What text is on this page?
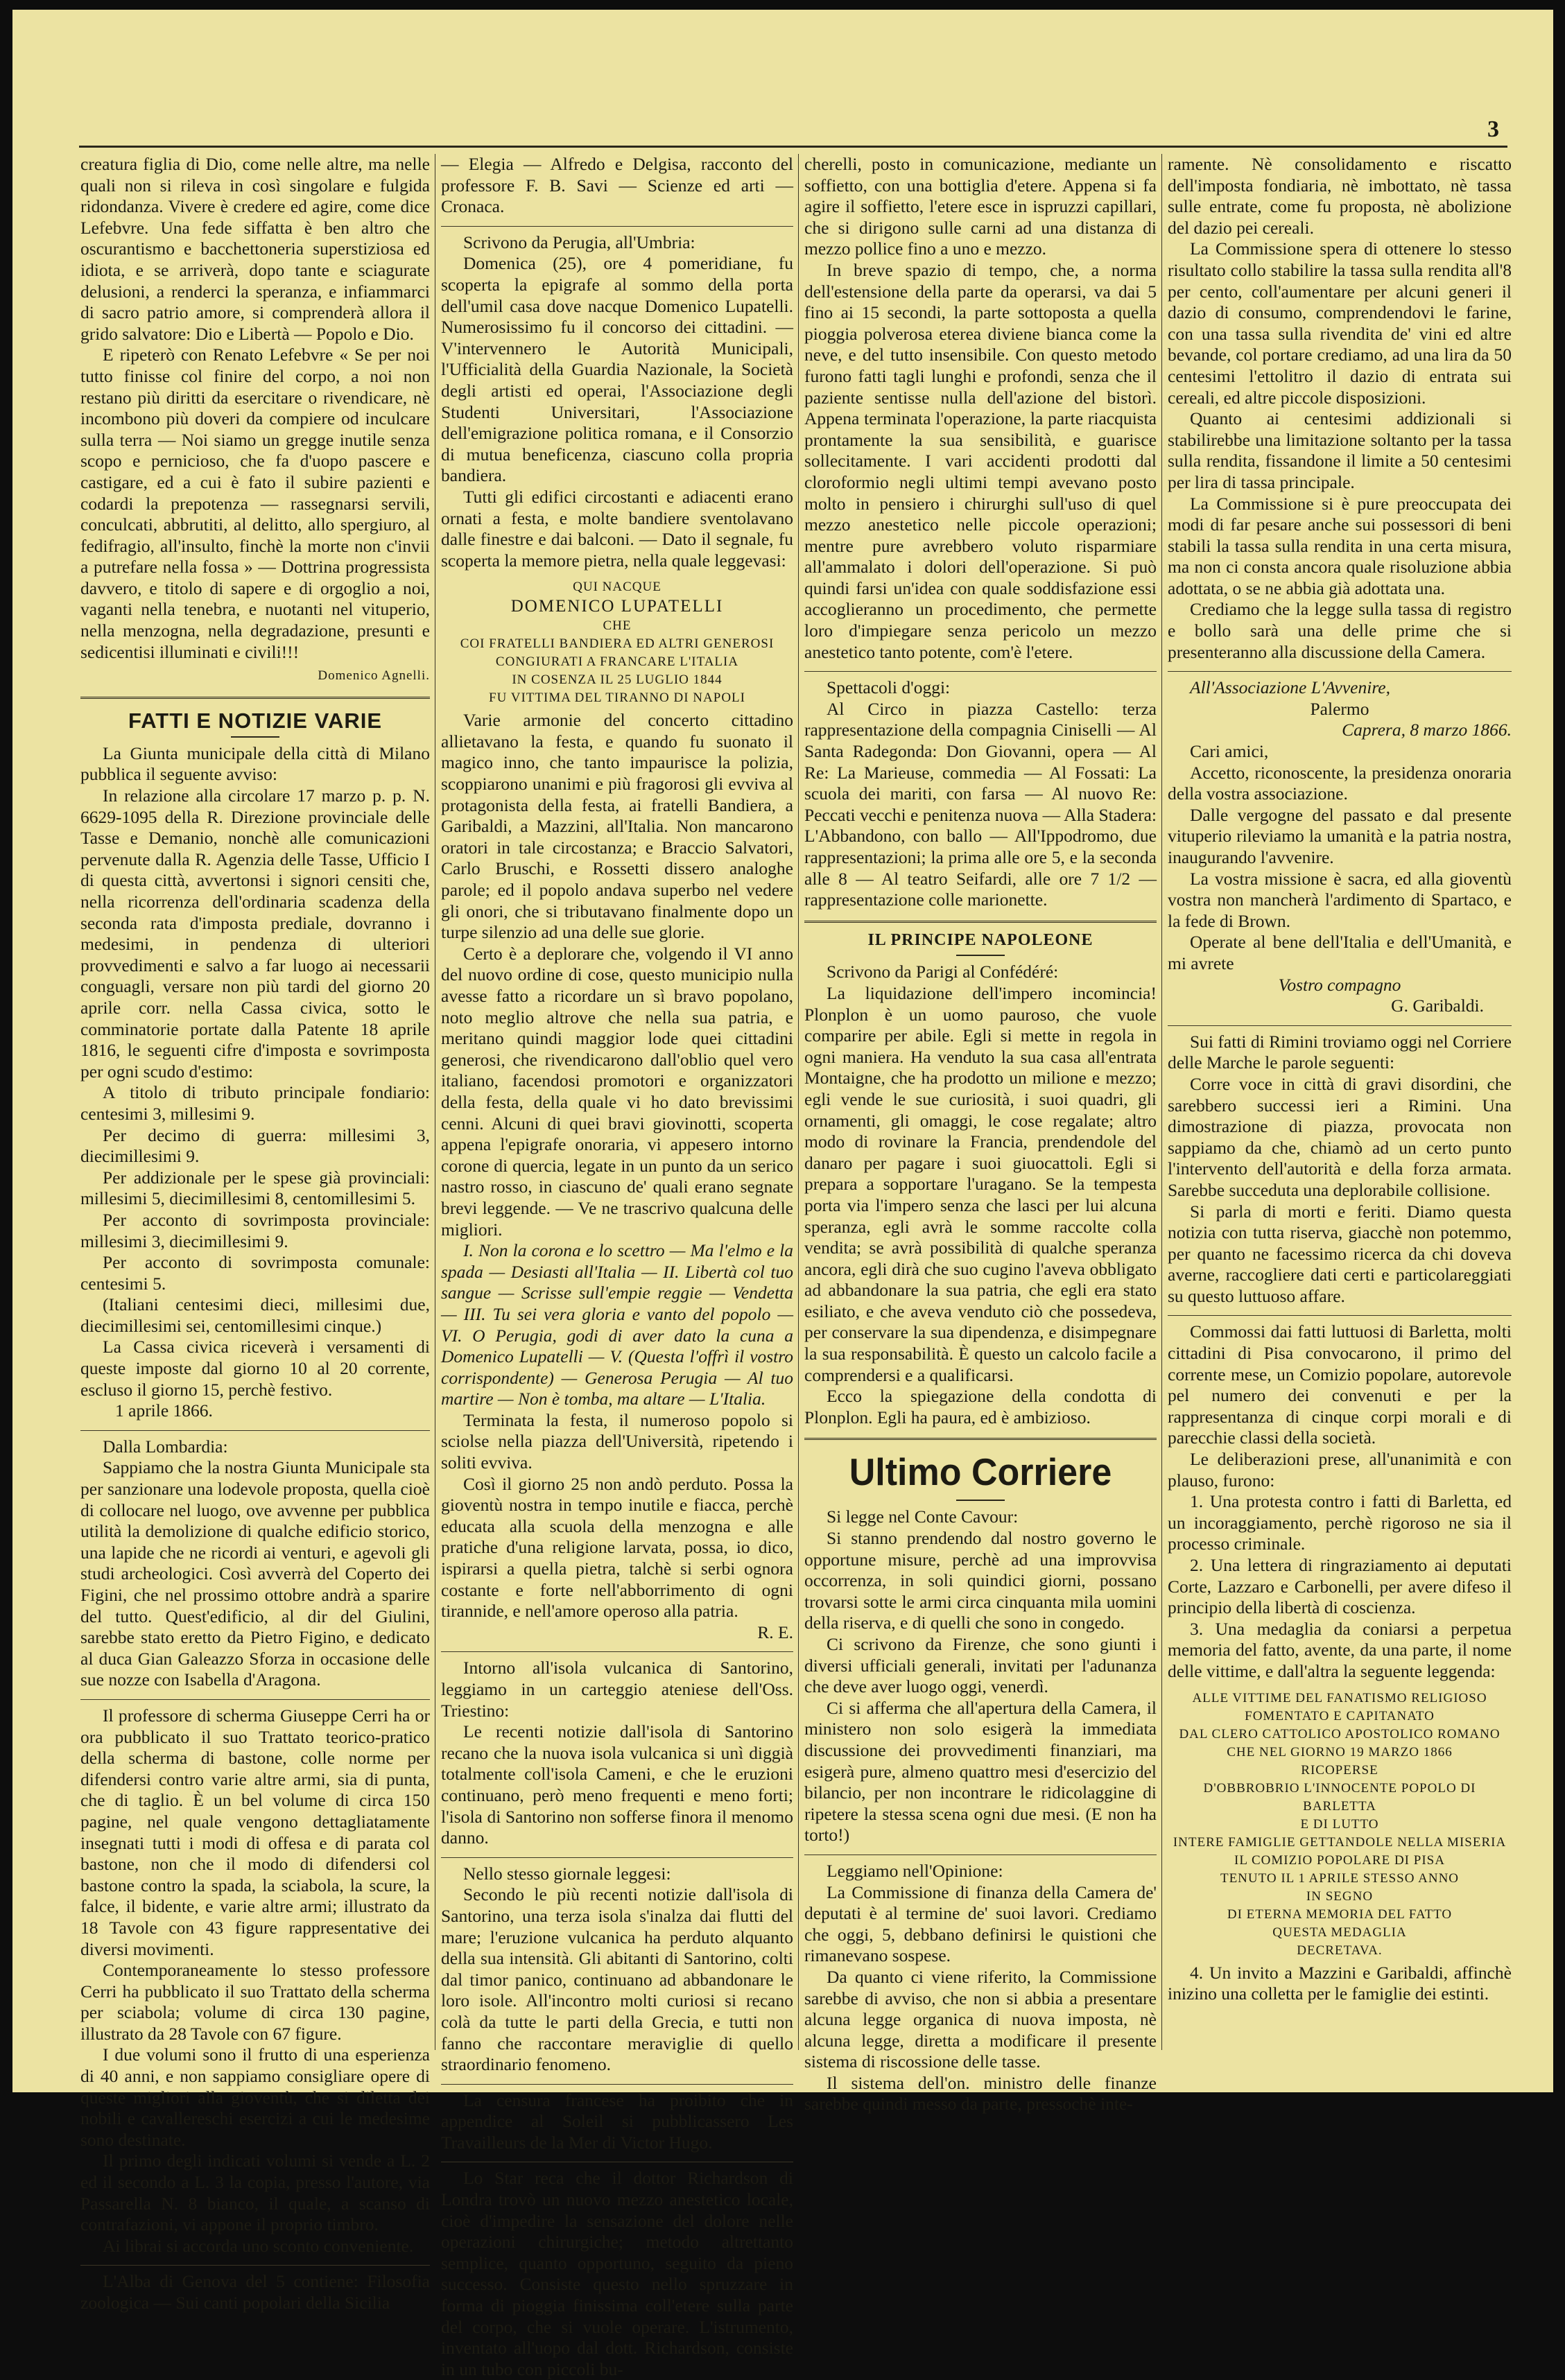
3

creatura figlia di Dio, come nelle altre, ma nelle quali non si rileva in così singolare e fulgida ridondanza. Vivere è credere ed agire, come dice Lefebvre. Una fede siffatta è ben altro che oscurantismo e bacchettoneria superstiziosa ed idiota, e se arriverà, dopo tante e sciagurate delusioni, a renderci la speranza, e infiammarci di sacro patrio amore, si comprenderà allora il grido salvatore: Dio e Libertà — Popolo e Dio.

E ripeterò con Renato Lefebvre « Se per noi tutto finisse col finire del corpo, a noi non restano più diritti da esercitare o rivendicare, nè incombono più doveri da compiere od inculcare sulla terra — Noi siamo un gregge inutile senza scopo e pernicioso, che fa d'uopo pascere e castigare, ed a cui è fato il subire pazienti e codardi la prepotenza — rassegnarsi servili, conculcati, abbrutiti, al delitto, allo spergiuro, al fedifragio, all'insulto, finchè la morte non c'invii a putrefare nella fossa » — Dottrina progressista davvero, e titolo di sapere e di orgoglio a noi, vaganti nella tenebra, e nuotanti nel vituperio, nella menzogna, nella degradazione, presunti e sedicentisi illuminati e civili!!!

Domenico Agnelli.
FATTI E NOTIZIE VARIE

La Giunta municipale della città di Milano pubblica il seguente avviso:

In relazione alla circolare 17 marzo p. p. N. 6629-1095 della R. Direzione provinciale delle Tasse e Demanio, nonchè alle comunicazioni pervenute dalla R. Agenzia delle Tasse, Ufficio I di questa città, avvertonsi i signori censiti che, nella ricorrenza dell'ordinaria scadenza della seconda rata d'imposta prediale, dovranno i medesimi, in pendenza di ulteriori provvedimenti e salvo a far luogo ai necessarii conguagli, versare non più tardi del giorno 20 aprile corr. nella Cassa civica, sotto le comminatorie portate dalla Patente 18 aprile 1816, le seguenti cifre d'imposta e sovrimposta per ogni scudo d'estimo:

A titolo di tributo principale fondiario: centesimi 3, millesimi 9.

Per decimo di guerra: millesimi 3, diecimillesimi 9.

Per addizionale per le spese già provinciali: millesimi 5, diecimillesimi 8, centomillesimi 5.

Per acconto di sovrimposta provinciale: millesimi 3, diecimillesimi 9.

Per acconto di sovrimposta comunale: centesimi 5.

(Italiani centesimi dieci, millesimi due, diecimillesimi sei, centomillesimi cinque.)

La Cassa civica riceverà i versamenti di queste imposte dal giorno 10 al 20 corrente, escluso il giorno 15, perchè festivo.

1 aprile 1866.

Dalla Lombardia:

Sappiamo che la nostra Giunta Municipale sta per sanzionare una lodevole proposta, quella cioè di collocare nel luogo, ove avvenne per pubblica utilità la demolizione di qualche edificio storico, una lapide che ne ricordi ai venturi, e agevoli gli studi archeologici. Così avverrà del Coperto dei Figini, che nel prossimo ottobre andrà a sparire del tutto. Quest'edificio, al dir del Giulini, sarebbe stato eretto da Pietro Figino, e dedicato al duca Gian Galeazzo Sforza in occasione delle sue nozze con Isabella d'Aragona.

Il professore di scherma Giuseppe Cerri ha or ora pubblicato il suo Trattato teorico-pratico della scherma di bastone, colle norme per difendersi contro varie altre armi, sia di punta, che di taglio. È un bel volume di circa 150 pagine, nel quale vengono dettagliatamente insegnati tutti i modi di offesa e di parata col bastone, non che il modo di difendersi col bastone contro la spada, la sciabola, la scure, la falce, il bidente, e varie altre armi; illustrato da 18 Tavole con 43 figure rappresentative dei diversi movimenti.

Contemporaneamente lo stesso professore Cerri ha pubblicato il suo Trattato della scherma per sciabola; volume di circa 130 pagine, illustrato da 28 Tavole con 67 figure.

I due volumi sono il frutto di una esperienza di 40 anni, e non sappiamo consigliare opere di queste migliori alla gioventù, che si diletta dei nobili e cavallereschi esercizi a cui le medesime sono destinate.

Il primo degli indicati volumi si vende a L. 2 ed il secondo a L. 3 la copia, presso l'autore, via Passarella N. 8 bianco, il quale, a scanso di contrafazioni, vi appone il proprio timbro.

Ai librai si accorda uno sconto conveniente.

L'Alba di Genova del 5 contiene: Filosofia zoologica — Sui canti popolari della Sicilia

— Elegia — Alfredo e Delgisa, racconto del professore F. B. Savi — Scienze ed arti — Cronaca.

Scrivono da Perugia, all'Umbria:

Domenica (25), ore 4 pomeridiane, fu scoperta la epigrafe al sommo della porta dell'umil casa dove nacque Domenico Lupatelli. Numerosissimo fu il concorso dei cittadini. — V'intervennero le Autorità Municipali, l'Ufficialità della Guardia Nazionale, la Società degli artisti ed operai, l'Associazione degli Studenti Universitari, l'Associazione dell'emigrazione politica romana, e il Consorzio di mutua beneficenza, ciascuno colla propria bandiera.

Tutti gli edifici circostanti e adiacenti erano ornati a festa, e molte bandiere sventolavano dalle finestre e dai balconi. — Dato il segnale, fu scoperta la memore pietra, nella quale leggevasi:

QUI NACQUE

DOMENICO LUPATELLI

CHE

COI FRATELLI BANDIERA ED ALTRI GENEROSI

CONGIURATI A FRANCARE L'ITALIA

IN COSENZA IL 25 LUGLIO 1844

FU VITTIMA DEL TIRANNO DI NAPOLI

Varie armonie del concerto cittadino allietavano la festa, e quando fu suonato il magico inno, che tanto impaurisce la polizia, scoppiarono unanimi e più fragorosi gli evviva al protagonista della festa, ai fratelli Bandiera, a Garibaldi, a Mazzini, all'Italia. Non mancarono oratori in tale circostanza; e Braccio Salvatori, Carlo Bruschi, e Rossetti dissero analoghe parole; ed il popolo andava superbo nel vedere gli onori, che si tributavano finalmente dopo un turpe silenzio ad una delle sue glorie.

Certo è a deplorare che, volgendo il VI anno del nuovo ordine di cose, questo municipio nulla avesse fatto a ricordare un sì bravo popolano, noto meglio altrove che nella sua patria, e meritano quindi maggior lode quei cittadini generosi, che rivendicarono dall'oblio quel vero italiano, facendosi promotori e organizzatori della festa, della quale vi ho dato brevissimi cenni. Alcuni di quei bravi giovinotti, scoperta appena l'epigrafe onoraria, vi appesero intorno corone di quercia, legate in un punto da un serico nastro rosso, in ciascuno de' quali erano segnate brevi leggende. — Ve ne trascrivo qualcuna delle migliori.

I. Non la corona e lo scettro — Ma l'elmo e la spada — Desiasti all'Italia — II. Libertà col tuo sangue — Scrisse sull'empie reggie — Vendetta — III. Tu sei vera gloria e vanto del popolo — VI. O Perugia, godi di aver dato la cuna a Domenico Lupatelli — V. (Questa l'offrì il vostro corrispondente) — Generosa Perugia — Al tuo martire — Non è tomba, ma altare — L'Italia.

Terminata la festa, il numeroso popolo si sciolse nella piazza dell'Università, ripetendo i soliti evviva.

Così il giorno 25 non andò perduto. Possa la gioventù nostra in tempo inutile e fiacca, perchè educata alla scuola della menzogna e alle pratiche d'una religione larvata, possa, io dico, ispirarsi a quella pietra, talchè si serbi ognora costante e forte nell'abborrimento di ogni tirannide, e nell'amore operoso alla patria.

R. E.

Intorno all'isola vulcanica di Santorino, leggiamo in un carteggio ateniese dell'Oss. Triestino:

Le recenti notizie dall'isola di Santorino recano che la nuova isola vulcanica si unì diggià totalmente coll'isola Cameni, e che le eruzioni continuano, però meno frequenti e meno forti; l'isola di Santorino non sofferse finora il menomo danno.

Nello stesso giornale leggesi:

Secondo le più recenti notizie dall'isola di Santorino, una terza isola s'inalza dai flutti del mare; l'eruzione vulcanica ha perduto alquanto della sua intensità. Gli abitanti di Santorino, colti dal timor panico, continuano ad abbandonare le loro isole. All'incontro molti curiosi si recano colà da tutte le parti della Grecia, e tutti non fanno che raccontare meraviglie di quello straordinario fenomeno.

La censura francese ha proibito che in appendice al Soleil si pubblicassero Les Travailleurs de la Mer di Victor Hugo.

Lo Star reca che il dottor Richardson di Londra trovò un nuovo mezzo anestetico locale, cioè d'impedire la sensazione del dolore nelle operazioni chirurgiche; metodo altrettanto semplice, quanto opportuno, seguito da pieno successo. Consiste questo nello spruzzare in forma di pioggia finissima coll'etere sulla parte del corpo, che si vuole operare. L'istrumento, inventato all'uopo dal dott. Richardson, consiste in un tubo con piccoli bu-

cherelli, posto in comunicazione, mediante un soffietto, con una bottiglia d'etere. Appena si fa agire il soffietto, l'etere esce in ispruzzi capillari, che si dirigono sulle carni ad una distanza di mezzo pollice fino a uno e mezzo.

In breve spazio di tempo, che, a norma dell'estensione della parte da operarsi, va dai 5 fino ai 15 secondi, la parte sottoposta a quella pioggia polverosa eterea diviene bianca come la neve, e del tutto insensibile. Con questo metodo furono fatti tagli lunghi e profondi, senza che il paziente sentisse nulla dell'azione del bistorì. Appena terminata l'operazione, la parte riacquista prontamente la sua sensibilità, e guarisce sollecitamente. I vari accidenti prodotti dal cloroformio negli ultimi tempi avevano posto molto in pensiero i chirurghi sull'uso di quel mezzo anestetico nelle piccole operazioni; mentre pure avrebbero voluto risparmiare all'ammalato i dolori dell'operazione. Si può quindi farsi un'idea con quale soddisfazione essi accoglieranno un procedimento, che permette loro d'impiegare senza pericolo un mezzo anestetico tanto potente, com'è l'etere.

Spettacoli d'oggi:

Al Circo in piazza Castello: terza rappresentazione della compagnia Ciniselli — Al Santa Radegonda: Don Giovanni, opera — Al Re: La Marieuse, commedia — Al Fossati: La scuola dei mariti, con farsa — Al nuovo Re: Peccati vecchi e penitenza nuova — Alla Stadera: L'Abbandono, con ballo — All'Ippodromo, due rappresentazioni; la prima alle ore 5, e la seconda alle 8 — Al teatro Seifardi, alle ore 7 1/2 — rappresentazione colle marionette.

IL PRINCIPE NAPOLEONE

Scrivono da Parigi al Confédéré:

La liquidazione dell'impero incomincia! Plonplon è un uomo pauroso, che vuole comparire per abile. Egli si mette in regola in ogni maniera. Ha venduto la sua casa all'entrata Montaigne, che ha prodotto un milione e mezzo; egli vende le sue curiosità, i suoi quadri, gli ornamenti, gli omaggi, le cose regalate; altro modo di rovinare la Francia, prendendole del danaro per pagare i suoi giuocattoli. Egli si prepara a sopportare l'uragano. Se la tempesta porta via l'impero senza che lasci per lui alcuna speranza, egli avrà le somme raccolte colla vendita; se avrà possibilità di qualche speranza ancora, egli dirà che suo cugino l'aveva obbligato ad abbandonare la sua patria, che egli era stato esiliato, e che aveva venduto ciò che possedeva, per conservare la sua dipendenza, e disimpegnare la sua responsabilità. È questo un calcolo facile a comprendersi e a qualificarsi.

Ecco la spiegazione della condotta di Plonplon. Egli ha paura, ed è ambizioso.

Ultimo Corriere

Si legge nel Conte Cavour:

Si stanno prendendo dal nostro governo le opportune misure, perchè ad una improvvisa occorrenza, in soli quindici giorni, possano trovarsi sotte le armi circa cinquanta mila uomini della riserva, e di quelli che sono in congedo.

Ci scrivono da Firenze, che sono giunti i diversi ufficiali generali, invitati per l'adunanza che deve aver luogo oggi, venerdì.

Ci si afferma che all'apertura della Camera, il ministero non solo esigerà la immediata discussione dei provvedimenti finanziari, ma esigerà pure, almeno quattro mesi d'esercizio del bilancio, per non incontrare le ridicolaggine di ripetere la stessa scena ogni due mesi. (E non ha torto!)

Leggiamo nell'Opinione:

La Commissione di finanza della Camera de' deputati è al termine de' suoi lavori. Crediamo che oggi, 5, debbano definirsi le quistioni che rimanevano sospese.

Da quanto ci viene riferito, la Commissione sarebbe di avviso, che non si abbia a presentare alcuna legge organica di nuova imposta, nè alcuna legge, diretta a modificare il presente sistema di riscossione delle tasse.

Il sistema dell'on. ministro delle finanze sarebbe quindi messo da parte, pressochè inte-

ramente. Nè consolidamento e riscatto dell'imposta fondiaria, nè imbottato, nè tassa sulle entrate, come fu proposta, nè abolizione del dazio pei cereali.

La Commissione spera di ottenere lo stesso risultato collo stabilire la tassa sulla rendita all'8 per cento, coll'aumentare per alcuni generi il dazio di consumo, comprendendovi le farine, con una tassa sulla rivendita de' vini ed altre bevande, col portare crediamo, ad una lira da 50 centesimi l'ettolitro il dazio di entrata sui cereali, ed altre piccole disposizioni.

Quanto ai centesimi addizionali si stabilirebbe una limitazione soltanto per la tassa sulla rendita, fissandone il limite a 50 centesimi per lira di tassa principale.

La Commissione si è pure preoccupata dei modi di far pesare anche sui possessori di beni stabili la tassa sulla rendita in una certa misura, ma non ci consta ancora quale risoluzione abbia adottata, o se ne abbia già adottata una.

Crediamo che la legge sulla tassa di registro e bollo sarà una delle prime che si presenteranno alla discussione della Camera.

All'Associazione L'Avvenire,

Palermo

Caprera, 8 marzo 1866.

Cari amici,

Accetto, riconoscente, la presidenza onoraria della vostra associazione.

Dalle vergogne del passato e dal presente vituperio rileviamo la umanità e la patria nostra, inaugurando l'avvenire.

La vostra missione è sacra, ed alla gioventù vostra non mancherà l'ardimento di Spartaco, e la fede di Brown.

Operate al bene dell'Italia e dell'Umanità, e mi avrete

Vostro compagno

G. Garibaldi.

Sui fatti di Rimini troviamo oggi nel Corriere delle Marche le parole seguenti:

Corre voce in città di gravi disordini, che sarebbero successi ieri a Rimini. Una dimostrazione di piazza, provocata non sappiamo da che, chiamò ad un certo punto l'intervento dell'autorità e della forza armata. Sarebbe succeduta una deplorabile collisione.

Si parla di morti e feriti. Diamo questa notizia con tutta riserva, giacchè non potemmo, per quanto ne facessimo ricerca da chi doveva averne, raccogliere dati certi e particolareggiati su questo luttuoso affare.

Commossi dai fatti luttuosi di Barletta, molti cittadini di Pisa convocarono, il primo del corrente mese, un Comizio popolare, autorevole pel numero dei convenuti e per la rappresentanza di cinque corpi morali e di parecchie classi della società.

Le deliberazioni prese, all'unanimità e con plauso, furono:

1. Una protesta contro i fatti di Barletta, ed un incoraggiamento, perchè rigoroso ne sia il processo criminale.

2. Una lettera di ringraziamento ai deputati Corte, Lazzaro e Carbonelli, per avere difeso il principio della libertà di coscienza.

3. Una medaglia da coniarsi a perpetua memoria del fatto, avente, da una parte, il nome delle vittime, e dall'altra la seguente leggenda:

ALLE VITTIME DEL FANATISMO RELIGIOSO

FOMENTATO E CAPITANATO

DAL CLERO CATTOLICO APOSTOLICO ROMANO

CHE NEL GIORNO 19 MARZO 1866

RICOPERSE

D'OBBROBRIO L'INNOCENTE POPOLO DI BARLETTA

E DI LUTTO

INTERE FAMIGLIE GETTANDOLE NELLA MISERIA

IL COMIZIO POPOLARE DI PISA

TENUTO IL 1 APRILE STESSO ANNO

IN SEGNO

DI ETERNA MEMORIA DEL FATTO

QUESTA MEDAGLIA

DECRETAVA.

4. Un invito a Mazzini e Garibaldi, affinchè inizino una colletta per le famiglie dei estinti.
